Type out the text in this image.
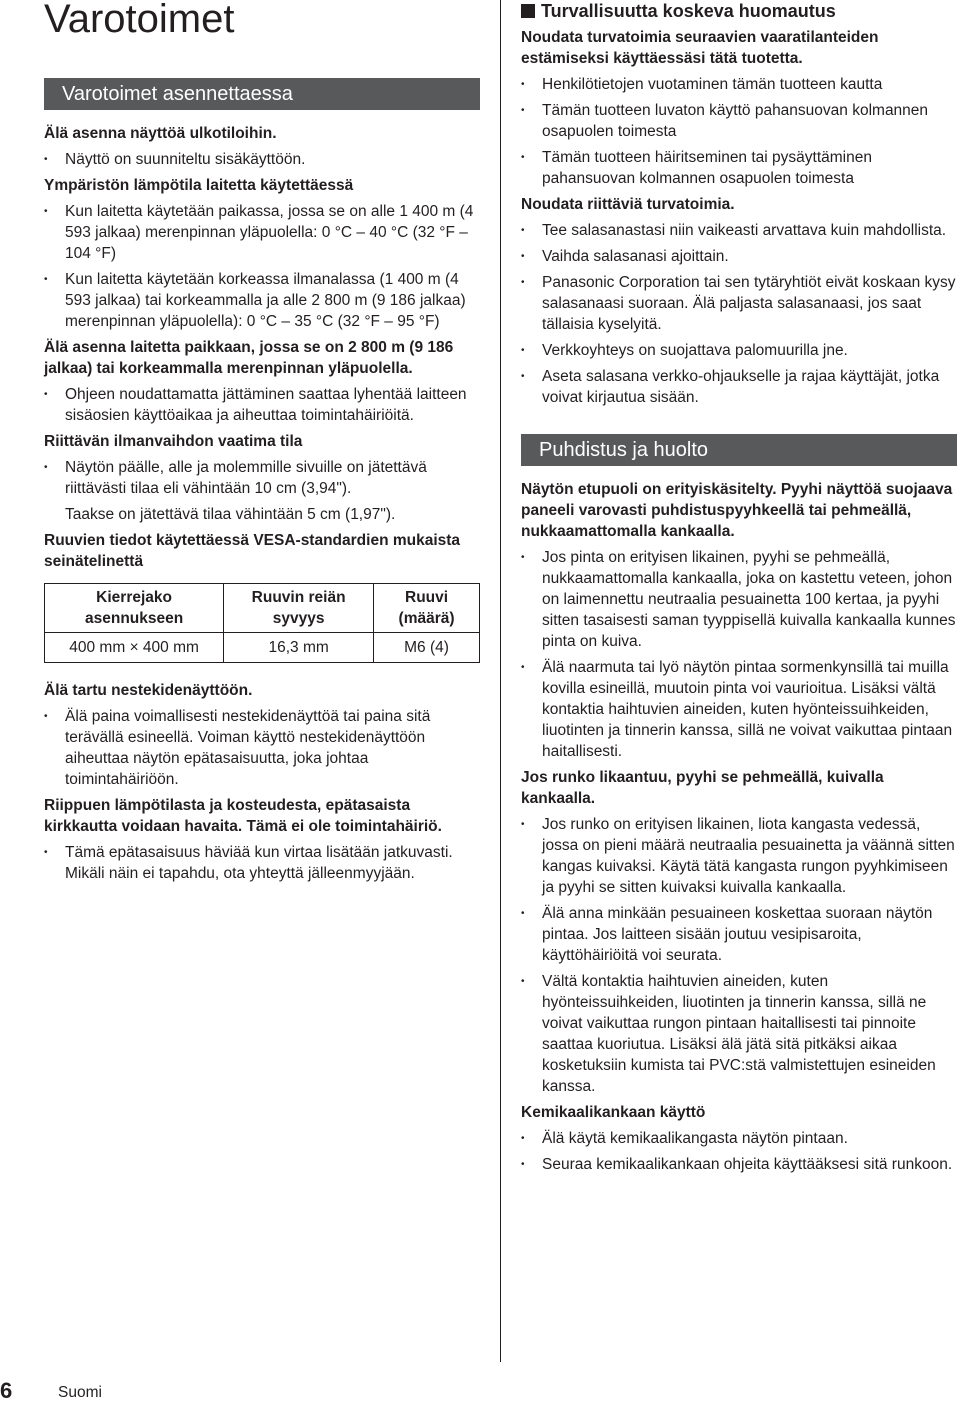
Varotoimet
Varotoimet asennettaessa
Älä asenna näyttöä ulkotiloihin.
• Näyttö on suunniteltu sisäkäyttöön.
Ympäristön lämpötila laitetta käytettäessä
• Kun laitetta käytetään paikassa, jossa se on alle 1 400 m (4 593 jalkaa) merenpinnan yläpuolella: 0 °C – 40 °C (32 °F – 104 °F)
• Kun laitetta käytetään korkeassa ilmanalassa (1 400 m (4 593 jalkaa) tai korkeammalla ja alle 2 800 m (9 186 jalkaa) merenpinnan yläpuolella): 0 °C – 35 °C (32 °F – 95 °F)
Älä asenna laitetta paikkaan, jossa se on 2 800 m (9 186 jalkaa) tai korkeammalla merenpinnan yläpuolella.
• Ohjeen noudattamatta jättäminen saattaa lyhentää laitteen sisäosien käyttöaikaa ja aiheuttaa toimintahäiriöitä.
Riittävän ilmanvaihdon vaatima tila
• Näytön päälle, alle ja molemmille sivuille on jätettävä riittävästi tilaa eli vähintään 10 cm (3,94").
Taakse on jätettävä tilaa vähintään 5 cm (1,97").
Ruuvien tiedot käytettäessä VESA-standardien mukaista seinätelinettä
Kierrejako asennukseen	Ruuvin reiän syvyys	Ruuvi (määrä)
400 mm × 400 mm	16,3 mm	M6 (4)
Älä tartu nestekidenäyttöön.
• Älä paina voimallisesti nestekidenäyttöä tai paina sitä terävällä esineellä. Voiman käyttö nestekidenäyttöön aiheuttaa näytön epätasaisuutta, joka johtaa toimintahäiriöön.
Riippuen lämpötilasta ja kosteudesta, epätasaista kirkkautta voidaan havaita. Tämä ei ole toimintahäiriö.
• Tämä epätasaisuus häviää kun virtaa lisätään jatkuvasti. Mikäli näin ei tapahdu, ota yhteyttä jälleenmyyjään.
Turvallisuutta koskeva huomautus
Noudata turvatoimia seuraavien vaaratilanteiden estämiseksi käyttäessäsi tätä tuotetta.
• Henkilötietojen vuotaminen tämän tuotteen kautta
• Tämän tuotteen luvaton käyttö pahansuovan kolmannen osapuolen toimesta
• Tämän tuotteen häiritseminen tai pysäyttäminen pahansuovan kolmannen osapuolen toimesta
Noudata riittäviä turvatoimia.
• Tee salasanastasi niin vaikeasti arvattava kuin mahdollista.
• Vaihda salasanasi ajoittain.
• Panasonic Corporation tai sen tytäryhtiöt eivät koskaan kysy salasanaasi suoraan. Älä paljasta salasanaasi, jos saat tällaisia kyselyitä.
• Verkkoyhteys on suojattava palomuurilla jne.
• Aseta salasana verkko-ohjaukselle ja rajaa käyttäjät, jotka voivat kirjautua sisään.
Puhdistus ja huolto
Näytön etupuoli on erityiskäsitelty. Pyyhi näyttöä suojaava paneeli varovasti puhdistuspyyhkeellä tai pehmeällä, nukkaamattomalla kankaalla.
• Jos pinta on erityisen likainen, pyyhi se pehmeällä, nukkaamattomalla kankaalla, joka on kastettu veteen, johon on laimennettu neutraalia pesuainetta 100 kertaa, ja pyyhi sitten tasaisesti saman tyyppisellä kuivalla kankaalla kunnes pinta on kuiva.
• Älä naarmuta tai lyö näytön pintaa sormenkynsillä tai muilla kovilla esineillä, muutoin pinta voi vaurioitua. Lisäksi vältä kontaktia haihtuvien aineiden, kuten hyönteissuihkeiden, liuotinten ja tinnerin kanssa, sillä ne voivat vaikuttaa pintaan haitallisesti.
Jos runko likaantuu, pyyhi se pehmeällä, kuivalla kankaalla.
• Jos runko on erityisen likainen, liota kangasta vedessä, jossa on pieni määrä neutraalia pesuainetta ja väännä sitten kangas kuivaksi. Käytä tätä kangasta rungon pyyhkimiseen ja pyyhi se sitten kuivaksi kuivalla kankaalla.
• Älä anna minkään pesuaineen koskettaa suoraan näytön pintaa. Jos laitteen sisään joutuu vesipisaroita, käyttöhäiriöitä voi seurata.
• Vältä kontaktia haihtuvien aineiden, kuten hyönteissuihkeiden, liuotinten ja tinnerin kanssa, sillä ne voivat vaikuttaa rungon pintaan haitallisesti tai pinnoite saattaa kuoriutua. Lisäksi älä jätä sitä pitkäksi aikaa kosketuksiin kumista tai PVC:stä valmistettujen esineiden kanssa.
Kemikaalikankaan käyttö
• Älä käytä kemikaalikangasta näytön pintaan.
• Seuraa kemikaalikankaan ohjeita käyttääksesi sitä runkoon.
6	Suomi
